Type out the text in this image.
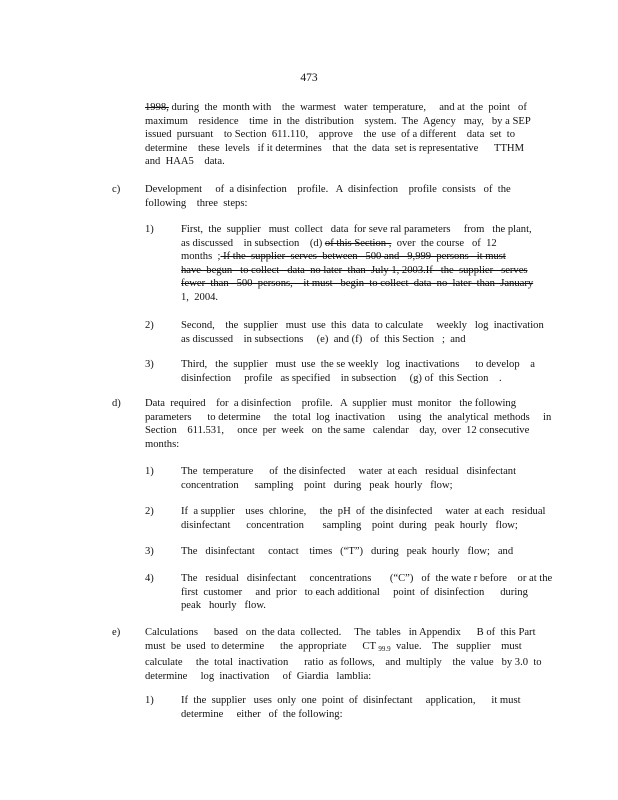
473

1998, during  the  month with    the  warmest   water  temperature,     and at  the  point   of

maximum    residence    time  in  the  distribution    system.  The  Agency   may,   by a SEP

issued  pursuant    to Section  611.110,    approve    the  use  of a different    data  set  to

determine    these  levels   if it determines    that  the  data  set is representative      TTHM

and  HAA5    data.

c) Development     of  a disinfection    profile.   A  disinfection    profile  consists   of  the

following    three  steps:

1)	First,  the  supplier   must  collect   data  for seve ral parameters     from   the plant,

as discussed    in subsection    (d) of this Section ,  over  the course   of  12

months  ; If the  supplier  serves  between   500 and   9,999  persons   it must

have  begun   to collect   data  no later  than  July 1, 2003.If   the  supplier   serves

fewer  than   500  persons,    it must   begin  to collect  data  no  later  than  January

1,  2004.

2)	Second,    the  supplier   must  use  this  data  to calculate     weekly   log  inactivation

as discussed    in subsections     (e)  and (f)   of  this Section   ;  and

3)	Third,   the  supplier   must  use  the se weekly   log  inactivations      to develop    a

disinfection     profile   as specified    in subsection     (g) of  this Section    .

d) Data  required    for  a disinfection    profile.   A  supplier  must  monitor   the following

parameters      to determine     the  total  log  inactivation     using   the  analytical  methods     in

Section    611.531,     once  per  week   on  the same   calendar    day,  over  12 consecutive

months:

1)	The  temperature      of  the disinfected     water  at each   residual   disinfectant

concentration      sampling    point   during   peak  hourly   flow;

2)	If  a supplier    uses  chlorine,     the  pH  of  the disinfected     water  at each   residual

disinfectant      concentration       sampling    point  during   peak  hourly   flow;

3)	The   disinfectant     contact    times   (“T”)   during   peak  hourly   flow;   and

4)	The   residual   disinfectant     concentrations       (“C”)   of  the wate r before    or at the

first  customer     and  prior   to each additional     point  of  disinfection      during

peak   hourly   flow.

e) Calculations      based   on  the data  collected.     The  tables   in Appendix      B of  this Part

must  be  used  to determine      the  appropriate      CT $_{99.9}$  value.    The   supplier    must

calculate     the  total  inactivation      ratio  as follows,    and  multiply    the  value   by 3.0  to

determine     log  inactivation     of  Giardia   lamblia:

1)	If  the  supplier   uses  only  one  point  of  disinfectant     application,      it must

determine     either   of  the following:
